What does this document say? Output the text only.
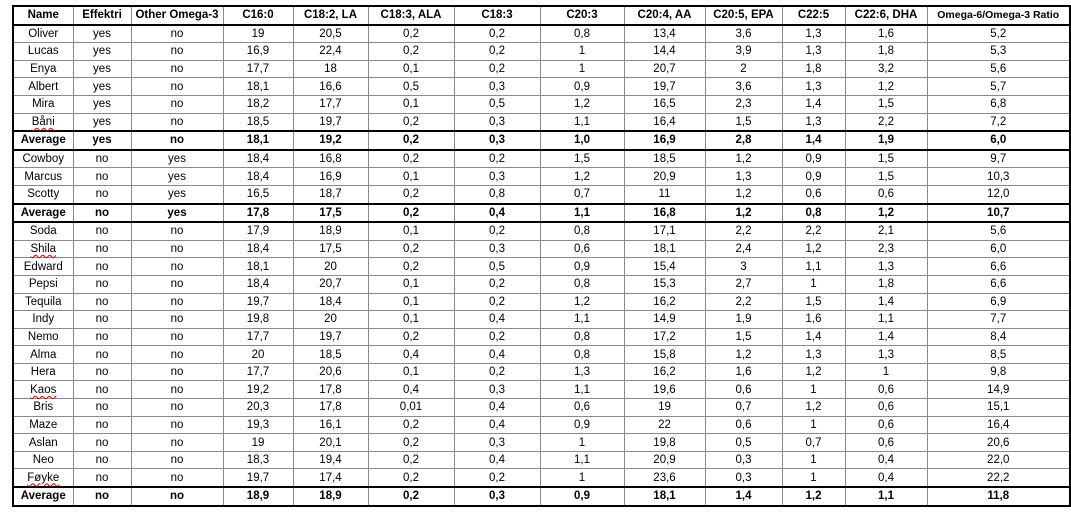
Name	Effektri	Other Omega-3	C16:0	C18:2, LA	C18:3, ALA	C18:3	C20:3	C20:4, AA	C20:5, EPA	C22:5	C22:6, DHA	Omega-6/Omega-3 Ratio
Oliver	yes	no	19	20,5	0,2	0,2	0,8	13,4	3,6	1,3	1,6	5,2
Lucas	yes	no	16,9	22,4	0,2	0,2	1	14,4	3,9	1,3	1,8	5,3
Enya	yes	no	17,7	18	0,1	0,2	1	20,7	2	1,8	3,2	5,6
Albert	yes	no	18,1	16,6	0,5	0,3	0,9	19,7	3,6	1,3	1,2	5,7
Mira	yes	no	18,2	17,7	0,1	0,5	1,2	16,5	2,3	1,4	1,5	6,8
Båni	yes	no	18,5	19,7	0,2	0,3	1,1	16,4	1,5	1,3	2,2	7,2
Average	yes	no	18,1	19,2	0,2	0,3	1,0	16,9	2,8	1,4	1,9	6,0
Cowboy	no	yes	18,4	16,8	0,2	0,2	1,5	18,5	1,2	0,9	1,5	9,7
Marcus	no	yes	18,4	16,9	0,1	0,3	1,2	20,9	1,3	0,9	1,5	10,3
Scotty	no	yes	16,5	18,7	0,2	0,8	0,7	11	1,2	0,6	0,6	12,0
Average	no	yes	17,8	17,5	0,2	0,4	1,1	16,8	1,2	0,8	1,2	10,7
Soda	no	no	17,9	18,9	0,1	0,2	0,8	17,1	2,2	2,2	2,1	5,6
Shila	no	no	18,4	17,5	0,2	0,3	0,6	18,1	2,4	1,2	2,3	6,0
Edward	no	no	18,1	20	0,2	0,5	0,9	15,4	3	1,1	1,3	6,6
Pepsi	no	no	18,4	20,7	0,1	0,2	0,8	15,3	2,7	1	1,8	6,6
Tequila	no	no	19,7	18,4	0,1	0,2	1,2	16,2	2,2	1,5	1,4	6,9
Indy	no	no	19,8	20	0,1	0,4	1,1	14,9	1,9	1,6	1,1	7,7
Nemo	no	no	17,7	19,7	0,2	0,2	0,8	17,2	1,5	1,4	1,4	8,4
Alma	no	no	20	18,5	0,4	0,4	0,8	15,8	1,2	1,3	1,3	8,5
Hera	no	no	17,7	20,6	0,1	0,2	1,3	16,2	1,6	1,2	1	9,8
Kaos	no	no	19,2	17,8	0,4	0,3	1,1	19,6	0,6	1	0,6	14,9
Bris	no	no	20,3	17,8	0,01	0,4	0,6	19	0,7	1,2	0,6	15,1
Maze	no	no	19,3	16,1	0,2	0,4	0,9	22	0,6	1	0,6	16,4
Aslan	no	no	19	20,1	0,2	0,3	1	19,8	0,5	0,7	0,6	20,6
Neo	no	no	18,3	19,4	0,2	0,4	1,1	20,9	0,3	1	0,4	22,0
Føyke	no	no	19,7	17,4	0,2	0,2	1	23,6	0,3	1	0,4	22,2
Average	no	no	18,9	18,9	0,2	0,3	0,9	18,1	1,4	1,2	1,1	11,8
